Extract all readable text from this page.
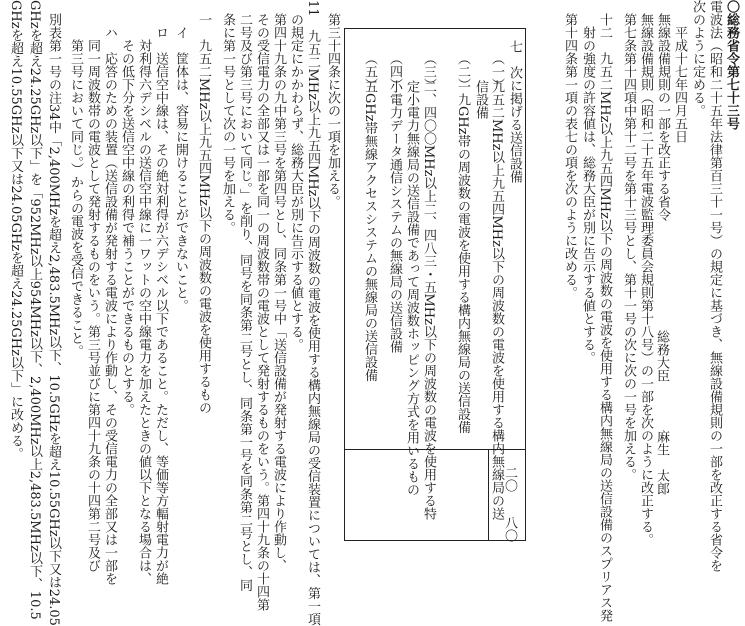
〇総務省令第七十三号
電波法（昭和二十五年法律第百三十一号）の規定に基づき、無線設備規則の一部を改正する省令を
次のように定める。
　　平成十七年四月五日
　無線設備規則の一部を改正する省令
　無線設備規則（昭和二十五年電波監理委員会規則第十八号）の一部を次のように改正する。
　第七条第十四項中第十二号を第十三号とし、第十一号の次に次の一号を加える。
　十二　九五二MHz以上九五四MHz以下の周波数の電波を使用する構内無線局の送信設備のスプリアス発
　　射の強度の許容値は、総務大臣が別に告示する値とする。
　第十四条第一項の表七の項を次のように改める。
総務大臣
麻生　太郎
七　次に掲げる送信設備
（一）
九五二MHz以上九五四MHz以下の周波数の電波を使用する構内無線局の送
信設備
（二）
一九GHz帯の周波数の電波を使用する構内無線局の送信設備
（三）
二、四〇〇MHz以上二、四八三・五MHz以下の周波数の電波を使用する特
定小電力無線局の送信設備であって周波数ホッピング方式を用いるもの
（四）
小電力データ通信システムの無線局の送信設備
（五）
五GHz帯無線アクセスシステムの無線局の送信設備
二〇
八〇
　第三十四条に次の一項を加える。
11　九五二MHz以上九五四MHz以下の周波数の電波を使用する構内無線局の受信装置については、第一項
　の規定にかかわらず、総務大臣が別に告示する値とする。
　第四十九条の九中第三号を第四号とし、同条第一号中「送信設備が発射する電波により作動し、
　その受信電力の全部又は一部を同一の周波数帯の電波として発射するものをいう。第四十九条の十四第
　二号及び第三号において同じ。」を削り、同号を同条第二号とし、同条第一号を同条第二号とし、同
　条に第一号として次の一号を加える。
　一　九五二MHz以上九五四MHz以下の周波数の電波を使用するもの
　　イ　筐体は、容易に開けることができないこと。
　　ロ　送信空中線は、その絶対利得が六デシベル以下であること。ただし、等価等方輻射電力が絶
　　　対利得六デシベルの送信空中線に一ワットの空中線電力を加えたときの値以下となる場合は、
　　　その低下分を送信空中線の利得で補うことができるものとする。
　　ハ　応答のための装置（送信設備が発射する電波により作動し、その受信電力の全部又は一部を
　　　同一周波数帯の電波として発射するものをいう。第三号並びに第四十九条の十四第二号及び
　　　第三号において同じ。）からの電波を受信できること。
　別表第一号の注34中「2,400MHzを超え2,483.5MHz以下、10.5GHzを超え10.55GHz以下又は24.05
GHzを超え24.25GHz以下」を「952MHz以上954MHz以下、2,400MHz以上2,483.5MHz以下、10.5
GHzを超え10.55GHz以下又は24.05GHzを超え24.25GHz以下」に改める。
